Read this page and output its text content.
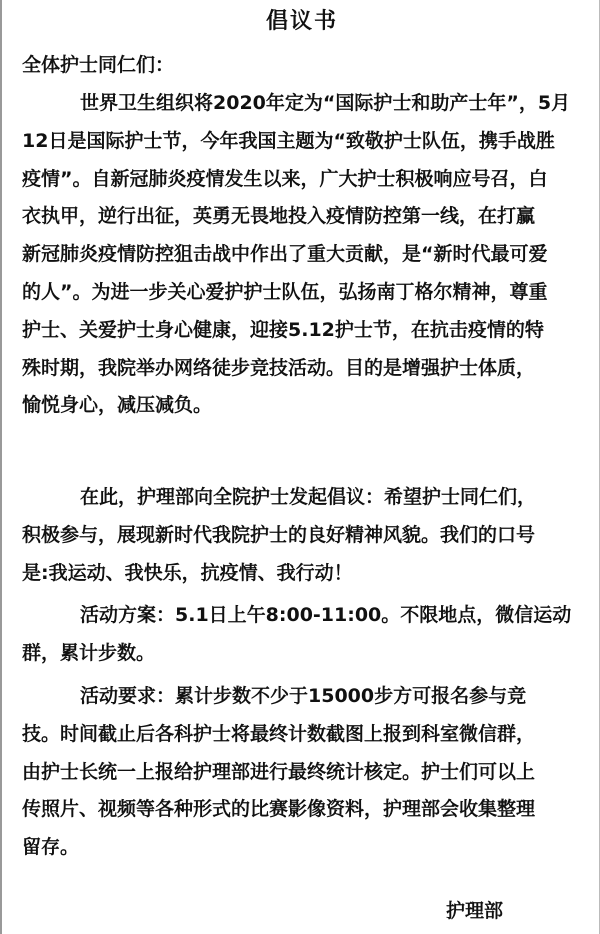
倡议书
全体护士同仁们：
世界卫生组织将2020年定为“国际护士和助产士年”，5月
12日是国际护士节，今年我国主题为“致敬护士队伍，携手战胜
疫情”。自新冠肺炎疫情发生以来，广大护士积极响应号召，白
衣执甲，逆行出征，英勇无畏地投入疫情防控第一线，在打赢
新冠肺炎疫情防控狙击战中作出了重大贡献，是“新时代最可爱
的人”。为进一步关心爱护护士队伍，弘扬南丁格尔精神，尊重
护士、关爱护士身心健康，迎接5.12护士节，在抗击疫情的特
殊时期，我院举办网络徒步竞技活动。目的是增强护士体质，
愉悦身心，减压减负。
在此，护理部向全院护士发起倡议：希望护士同仁们，
积极参与，展现新时代我院护士的良好精神风貌。我们的口号
是:我运动、我快乐，抗疫情、我行动！
活动方案：5.1日上午8:00-11:00。不限地点，微信运动
群，累计步数。
活动要求：累计步数不少于15000步方可报名参与竞
技。时间截止后各科护士将最终计数截图上报到科室微信群，
由护士长统一上报给护理部进行最终统计核定。护士们可以上
传照片、视频等各种形式的比赛影像资料，护理部会收集整理
留存。
护理部
